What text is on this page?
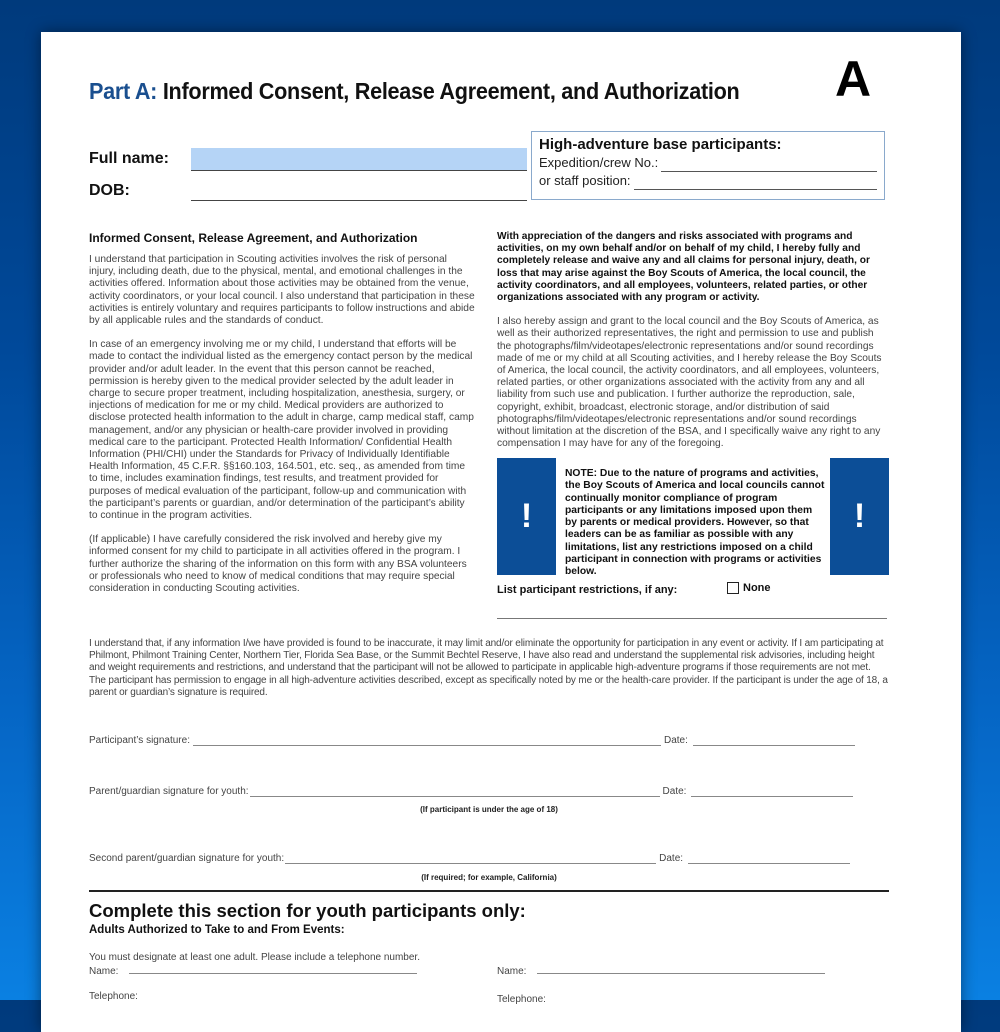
Part A: Informed Consent, Release Agreement, and Authorization A
Full name:
DOB:
High-adventure base participants:
Expedition/crew No.:
or staff position:
Informed Consent, Release Agreement, and Authorization

I understand that participation in Scouting activities involves the risk of personal injury, including death, due to the physical, mental, and emotional challenges in the activities offered. Information about those activities may be obtained from the venue, activity coordinators, or your local council. I also understand that participation in these activities is entirely voluntary and requires participants to follow instructions and abide by all applicable rules and the standards of conduct.

In case of an emergency involving me or my child, I understand that efforts will be made to contact the individual listed as the emergency contact person by the medical provider and/or adult leader. In the event that this person cannot be reached, permission is hereby given to the medical provider selected by the adult leader in charge to secure proper treatment, including hospitalization, anesthesia, surgery, or injections of medication for me or my child. Medical providers are authorized to disclose protected health information to the adult in charge, camp medical staff, camp management, and/or any physician or health-care provider involved in providing medical care to the participant. Protected Health Information/ Confidential Health Information (PHI/CHI) under the Standards for Privacy of Individually Identifiable Health Information, 45 C.F.R. §§160.103, 164.501, etc. seq., as amended from time to time, includes examination findings, test results, and treatment provided for purposes of medical evaluation of the participant, follow-up and communication with the participant’s parents or guardian, and/or determination of the participant’s ability to continue in the program activities.

(If applicable) I have carefully considered the risk involved and hereby give my informed consent for my child to participate in all activities offered in the program. I further authorize the sharing of the information on this form with any BSA volunteers or professionals who need to know of medical conditions that may require special consideration in conducting Scouting activities.

With appreciation of the dangers and risks associated with programs and activities, on my own behalf and/or on behalf of my child, I hereby fully and completely release and waive any and all claims for personal injury, death, or loss that may arise against the Boy Scouts of America, the local council, the activity coordinators, and all employees, volunteers, related parties, or other organizations associated with any program or activity.

I also hereby assign and grant to the local council and the Boy Scouts of America, as well as their authorized representatives, the right and permission to use and publish the photographs/film/videotapes/electronic representations and/or sound recordings made of me or my child at all Scouting activities, and I hereby release the Boy Scouts of America, the local council, the activity coordinators, and all employees, volunteers, related parties, or other organizations associated with the activity from any and all liability from such use and publication. I further authorize the reproduction, sale, copyright, exhibit, broadcast, electronic storage, and/or distribution of said photographs/film/videotapes/electronic representations and/or sound recordings without limitation at the discretion of the BSA, and I specifically waive any right to any compensation I may have for any of the foregoing.

!
NOTE: Due to the nature of programs and activities, the Boy Scouts of America and local councils cannot continually monitor compliance of program participants or any limitations imposed upon them by parents or medical providers. However, so that leaders can be as familiar as possible with any limitations, list any restrictions imposed on a child participant in connection with programs or activities below.
!
List participant restrictions, if any:	None
I understand that, if any information I/we have provided is found to be inaccurate, it may limit and/or eliminate the opportunity for participation in any event or activity. If I am participating at Philmont, Philmont Training Center, Northern Tier, Florida Sea Base, or the Summit Bechtel Reserve, I have also read and understand the supplemental risk advisories, including height and weight requirements and restrictions, and understand that the participant will not be allowed to participate in applicable high-adventure programs if those requirements are not met. The participant has permission to engage in all high-adventure activities described, except as specifically noted by me or the health-care provider. If the participant is under the age of 18, a parent or guardian’s signature is required.
Participant’s signature:	Date:
Parent/guardian signature for youth:	Date:
(If participant is under the age of 18)
Second parent/guardian signature for youth:	Date:
(If required; for example, California)
Complete this section for youth participants only:
Adults Authorized to Take to and From Events:
You must designate at least one adult. Please include a telephone number.
Name:	Name:
Telephone:	Telephone:
